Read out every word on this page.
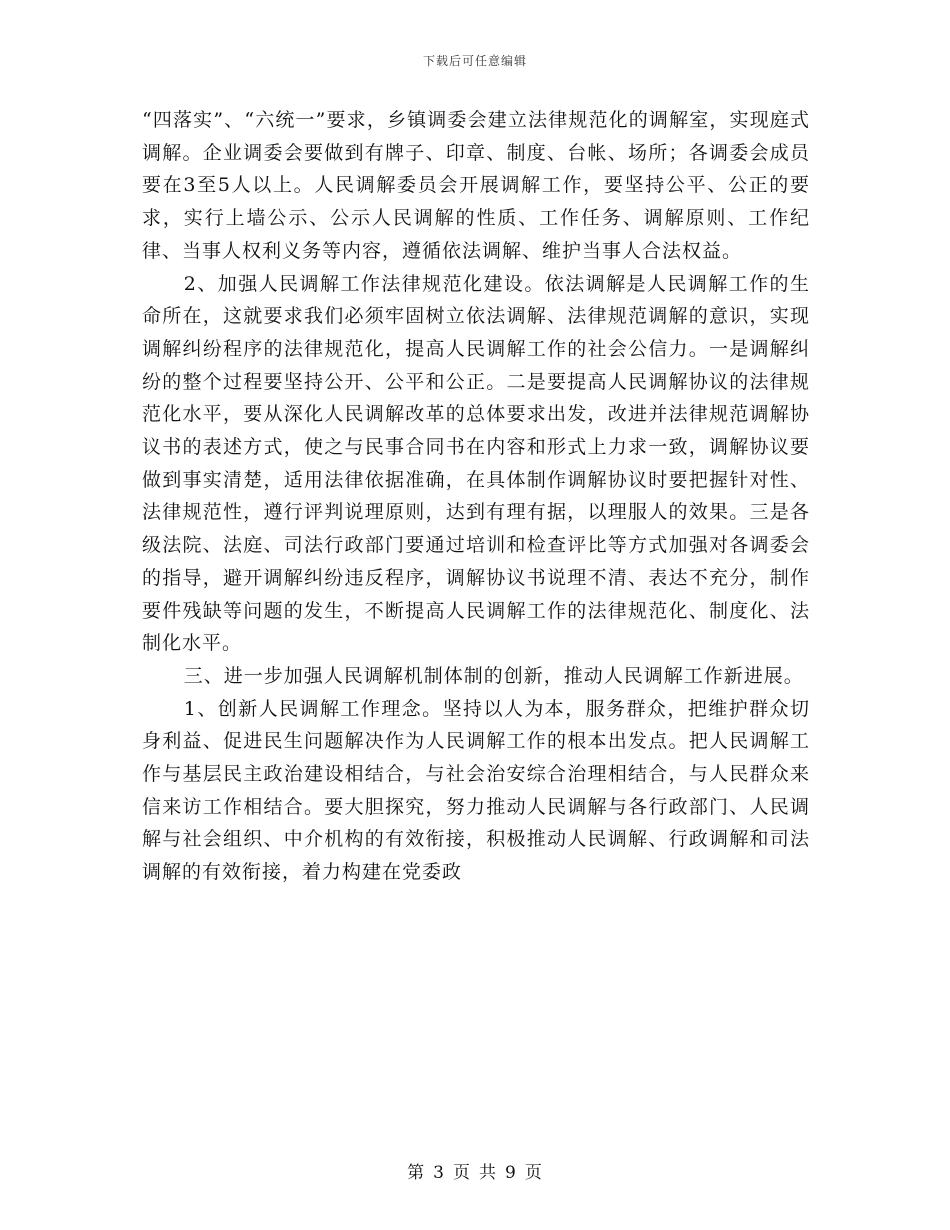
下载后可任意编辑

“四落实”、“六统一”要求，乡镇调委会建立法律规范化的调解室，实现庭式调解。企业调委会要做到有牌子、印章、制度、台帐、场所；各调委会成员要在3至5人以上。人民调解委员会开展调解工作，要坚持公平、公正的要求，实行上墙公示、公示人民调解的性质、工作任务、调解原则、工作纪律、当事人权利义务等内容，遵循依法调解、维护当事人合法权益。

2、加强人民调解工作法律规范化建设。依法调解是人民调解工作的生命所在，这就要求我们必须牢固树立依法调解、法律规范调解的意识，实现调解纠纷程序的法律规范化，提高人民调解工作的社会公信力。一是调解纠纷的整个过程要坚持公开、公平和公正。二是要提高人民调解协议的法律规范化水平，要从深化人民调解改革的总体要求出发，改进并法律规范调解协议书的表述方式，使之与民事合同书在内容和形式上力求一致，调解协议要做到事实清楚，适用法律依据准确，在具体制作调解协议时要把握针对性、法律规范性，遵行评判说理原则，达到有理有据，以理服人的效果。三是各级法院、法庭、司法行政部门要通过培训和检查评比等方式加强对各调委会的指导，避开调解纠纷违反程序，调解协议书说理不清、表达不充分，制作要件残缺等问题的发生，不断提高人民调解工作的法律规范化、制度化、法制化水平。

三、进一步加强人民调解机制体制的创新，推动人民调解工作新进展。

1、创新人民调解工作理念。坚持以人为本，服务群众，把维护群众切身利益、促进民生问题解决作为人民调解工作的根本出发点。把人民调解工作与基层民主政治建设相结合，与社会治安综合治理相结合，与人民群众来信来访工作相结合。要大胆探究，努力推动人民调解与各行政部门、人民调解与社会组织、中介机构的有效衔接，积极推动人民调解、行政调解和司法调解的有效衔接，着力构建在党委政

第 3 页 共 9 页
